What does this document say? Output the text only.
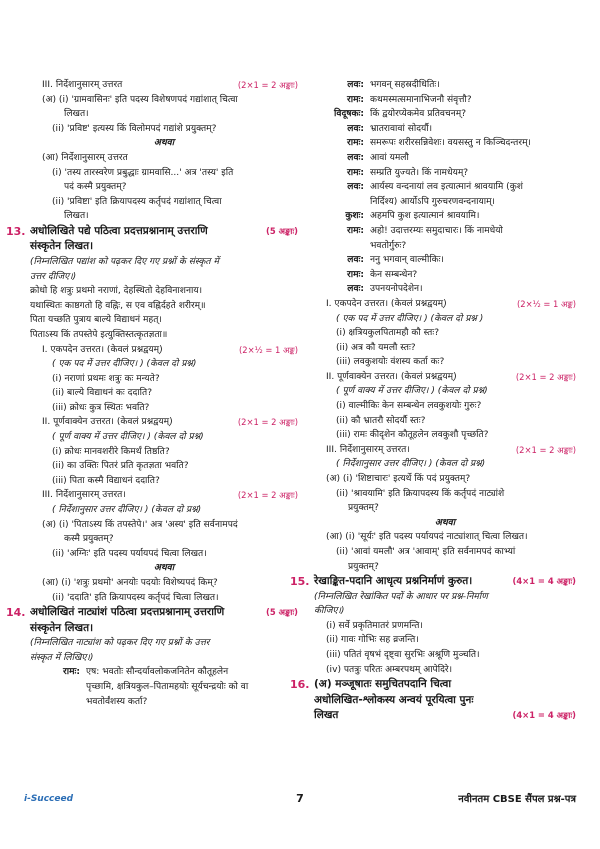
III. निर्देशानुसारम् उत्तरत	(2×1 = 2 अङ्काः)
(अ) (i) 'ग्रामवासिनः' इति पदस्य विशेषणपदं गद्यांशात् चित्वा
लिखत।
(ii) 'प्रविष्ट' इत्यस्य किं विलोमपदं गद्यांशे प्रयुक्तम्?
अथवा
(आ) निर्देशानुसारम् उत्तरत
(i) 'तस्य तारस्वरेण प्रबुद्धाः ग्रामवासि...' अत्र 'तस्य' इति
पदं कस्मै प्रयुक्तम्?
(ii) 'प्रविष्टा' इति क्रियापदस्य कर्तृपदं गद्यांशात् चित्वा
लिखत।
13. अधोलिखिते पद्ये पठित्वा प्रदत्तप्रश्नानाम् उत्तराणि	(5 अङ्काः)
संस्कृतेन लिखत।
(निम्नलिखित पद्यांश को पढ़कर दिए गए प्रश्नों के संस्कृत में
उत्तर दीजिए।)
क्रोधो हि शत्रुः प्रथमो नराणां, देहस्थितो देहविनाशनाय।
यथास्थितः काष्ठगतो हि वह्निः, स एव वह्निर्दहते शरीरम्॥
पिता यच्छति पुत्राय बाल्ये विद्याधनं महत्।
पिताऽस्य किं तपस्तेपे इत्युक्तिस्तत्कृतज्ञता॥
I. एकपदेन उत्तरत। (केवलं प्रश्नद्वयम्)	(2×½ = 1 अङ्क)
( एक पद में उत्तर दीजिए। ) (केवल दो प्रश्न)
(i) नराणां प्रथमः शत्रुः कः मन्यते?
(ii) बाल्ये विद्याधनं कः ददाति?
(iii) क्रोधः कुत्र स्थितः भवति?
II. पूर्णवाक्येन उत्तरत। (केवलं प्रश्नद्वयम्)	(2×1 = 2 अङ्काः)
( पूर्ण वाक्य में उत्तर दीजिए। ) (केवल दो प्रश्न)
(i) क्रोधः मानवशरीरे किमर्थं तिष्ठति?
(ii) का उक्तिः पितरं प्रति कृतज्ञता भवति?
(iii) पिता कस्मै विद्याधनं ददाति?
III. निर्देशानुसारम् उत्तरत।	(2×1 = 2 अङ्काः)
( निर्देशानुसार उत्तर दीजिए। ) (केवल दो प्रश्न)
(अ) (i) 'पिताऽस्य किं तपस्तेपे।' अत्र 'अस्य' इति सर्वनामपदं
कस्मै प्रयुक्तम्?
(ii) 'अग्निः' इति पदस्य पर्यायपदं चित्वा लिखत।
अथवा
(आ) (i) 'शत्रुः प्रथमो' अनयोः पदयोः विशेष्यपदं किम्?
(ii) 'ददाति' इति क्रियापदस्य कर्तृपदं चित्वा लिखत।
14. अधोलिखितं नाट्यांशं पठित्वा प्रदत्तप्रश्नानाम् उत्तराणि	(5 अङ्काः)
संस्कृतेन लिखत।
(निम्नलिखित नाट्यांश को पढ़कर दिए गए प्रश्नों के उत्तर
संस्कृत में लिखिए।)
रामः: एष: भवतोः सौन्दर्यावलोकजनितेन कौतूहलेन
पृच्छामि, क्षत्रियकुल–पितामहयोः सूर्यचन्द्रयोः को वा
भवतोर्वंशस्य कर्ता?
लवः: भगवन् सहस्रदीधितिः।
रामः: कथमस्मत्समानाभिजनौ संवृत्तौ?
विदूषकः: किं द्वयोरप्येकमेव प्रतिवचनम्?
लवः: भ्रातरावावां सोदर्यौ।
रामः: समरूपः शरीरसन्निवेशः। वयसस्तु न किञ्चिदन्तरम्।
लवः: आवां यमलौ
रामः: सम्प्रति युज्यते। किं नामधेयम्?
लवः: आर्यस्य वन्दनायां लव इत्यात्मानं श्रावयामि (कुशं
निर्दिश्य) आर्योऽपि गुरुचरणवन्दनायाम्।
कुशः: अहमपि कुश इत्यात्मानं श्रावयामि।
रामः: अहो! उदात्तरम्यः समुदाचारः। किं नामधेयो
भवतोर्गुरुः?
लवः: ननु भगवान् वाल्मीकिः।
रामः: केन सम्बन्धेन?
लवः: उपनयनोपदेशेन।
I. एकपदेन उत्तरत। (केवलं प्रश्नद्वयम्)	(2×½ = 1 अङ्क)
( एक पद में उत्तर दीजिए। ) (केवल दो प्रश्न )
(i) क्षत्रियकुलपितामहौ कौ स्तः?
(ii) अत्र कौ यमलौ स्तः?
(iii) लवकुशयोः वंशस्य कर्ता कः?
II. पूर्णवाक्येन उत्तरत। (केवलं प्रश्नद्वयम्)	(2×1 = 2 अङ्काः)
( पूर्ण वाक्य में उत्तर दीजिए। ) (केवल दो प्रश्न)
(i) वाल्मीकिः केन सम्बन्धेन लवकुशयोः गुरुः?
(ii) कौ भ्रातरौ सोदर्यौ स्तः?
(iii) रामः कीदृशेन कौतूहलेन लवकुशौ पृच्छति?
III. निर्देशानुसारम् उत्तरत।	(2×1 = 2 अङ्काः)
( निर्देशानुसार उत्तर दीजिए। ) (केवल दो प्रश्न)
(अ) (i) 'शिष्टाचारः' इत्यर्थे किं पदं प्रयुक्तम्?
(ii) 'श्रावयामि' इति क्रियापदस्य किं कर्तृपदं नाट्यांशे
प्रयुक्तम्?
अथवा
(आ) (i) 'सूर्यः' इति पदस्य पर्यायपदं नाट्यांशात् चित्वा लिखत।
(ii) 'आवां यमलौ' अत्र 'आवाम्' इति सर्वनामपदं काभ्यां
प्रयुक्तम्?
15. रेखाङ्कित-पदानि आधृत्य प्रश्ननिर्माणं कुरुत।	(4×1 = 4 अङ्काः)
(निम्नलिखित रेखांकित पदों के आधार पर प्रश्न-निर्माण
कीजिए।)
(i) सर्वे प्रकृतिमातरं प्रणमन्ति।
(ii) गावः गोभिः सह व्रजन्ति।
(iii) पतितं वृषभं दृष्ट्वा सुरभिः अश्रूणि मुञ्चति।
(iv) पतत्रुः परितः अम्बरपथम् आपेदिरे।
16. (अ) मञ्जूषातः समुचितपदानि चित्वा
अधोलिखित-श्लोकस्य अन्वयं पूरयित्वा पुनः
लिखत	(4×1 = 4 अङ्काः)
i-Succeed	7	नवीनतम CBSE सैंपल प्रश्न-पत्र
